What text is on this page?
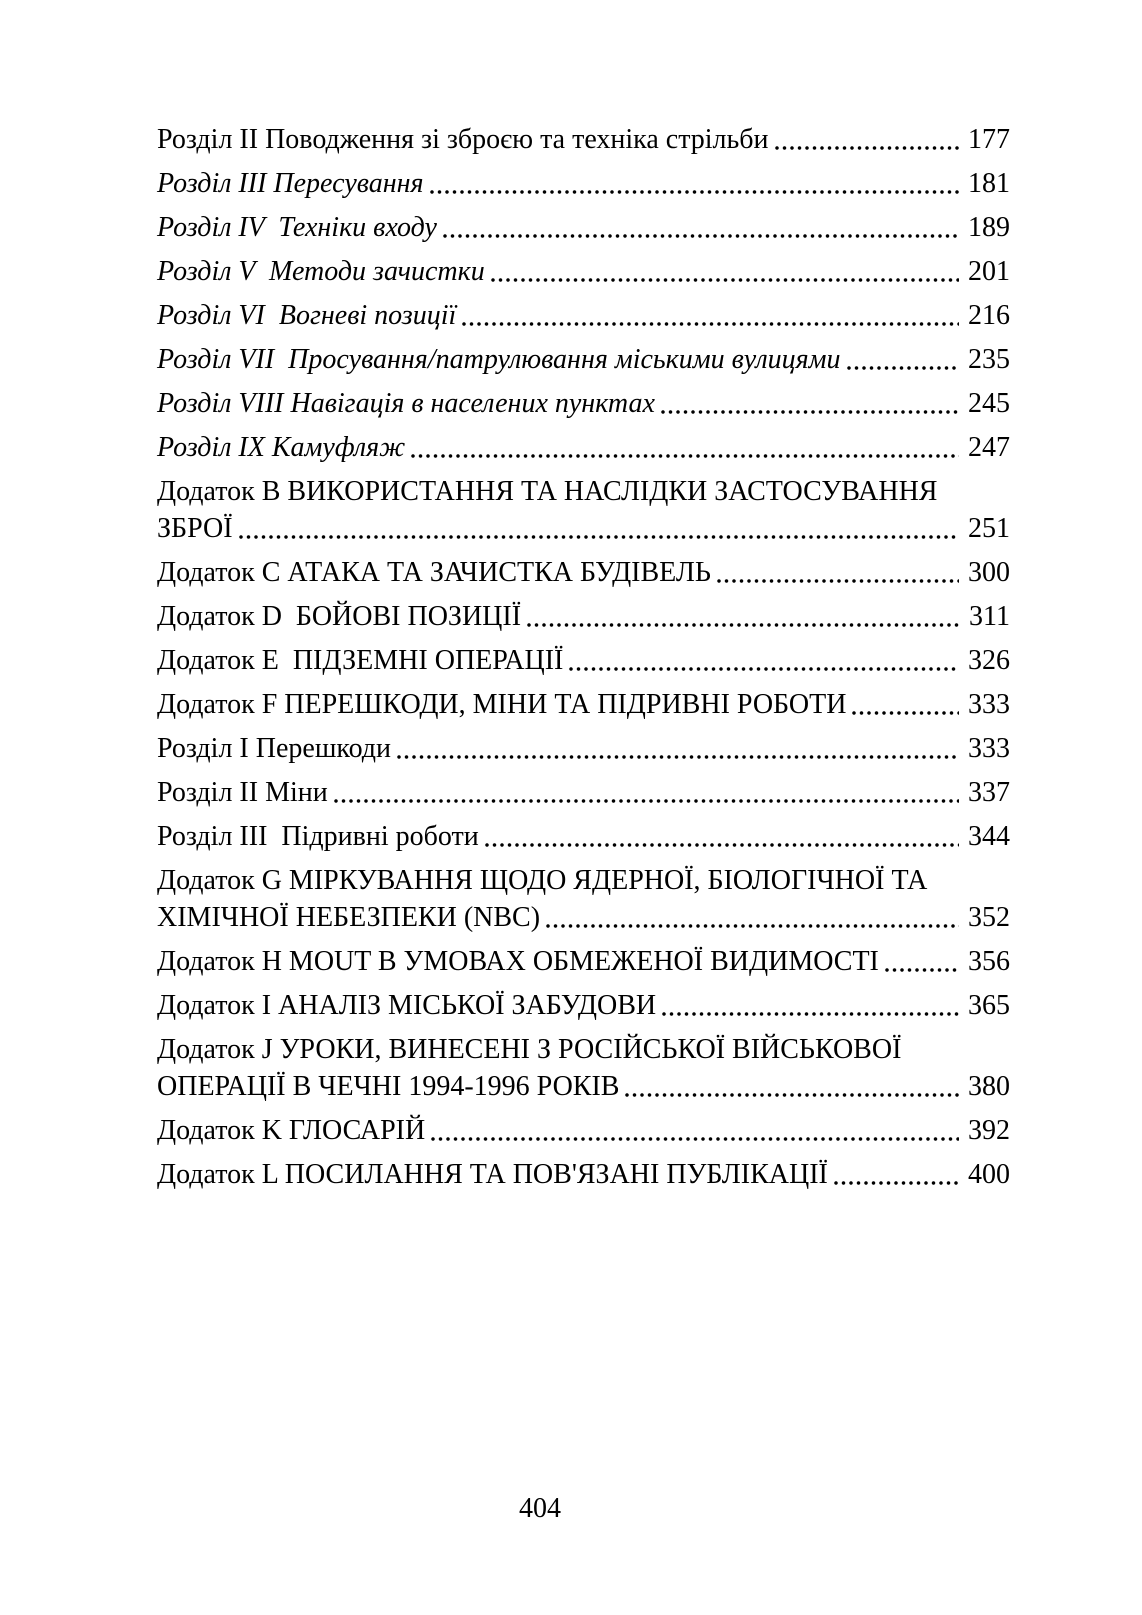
Розділ II Поводження зі зброєю та техніка стрільби	177
Розділ III Пересування	181
Розділ IV  Техніки входу	189
Розділ V  Методи зачистки	201
Розділ VI  Вогневі позиції	216
Розділ VII  Просування/патрулювання міськими вулицями	235
Розділ VIII Навігація в населених пунктах	245
Розділ IX Камуфляж	247
Додаток B ВИКОРИСТАННЯ ТА НАСЛІДКИ ЗАСТОСУВАННЯ
ЗБРОЇ	251
Додаток C АТАКА ТА ЗАЧИСТКА БУДІВЕЛЬ	300
Додаток D  БОЙОВІ ПОЗИЦІЇ	311
Додаток E  ПІДЗЕМНІ ОПЕРАЦІЇ	326
Додаток F ПЕРЕШКОДИ, МІНИ ТА ПІДРИВНІ РОБОТИ	333
Розділ I Перешкоди	333
Розділ II Міни	337
Розділ III  Підривні роботи	344
Додаток G МІРКУВАННЯ ЩОДО ЯДЕРНОЇ, БІОЛОГІЧНОЇ ТА
ХІМІЧНОЇ НЕБЕЗПЕКИ (NBC)	352
Додаток H MOUT В УМОВАХ ОБМЕЖЕНОЇ ВИДИМОСТІ	356
Додаток I АНАЛІЗ МІСЬКОЇ ЗАБУДОВИ	365
Додаток J УРОКИ, ВИНЕСЕНІ З РОСІЙСЬКОЇ ВІЙСЬКОВОЇ
ОПЕРАЦІЇ В ЧЕЧНІ 1994-1996 РОКІВ	380
Додаток K ГЛОСАРІЙ	392
Додаток L ПОСИЛАННЯ ТА ПОВ'ЯЗАНІ ПУБЛІКАЦІЇ	400
404
